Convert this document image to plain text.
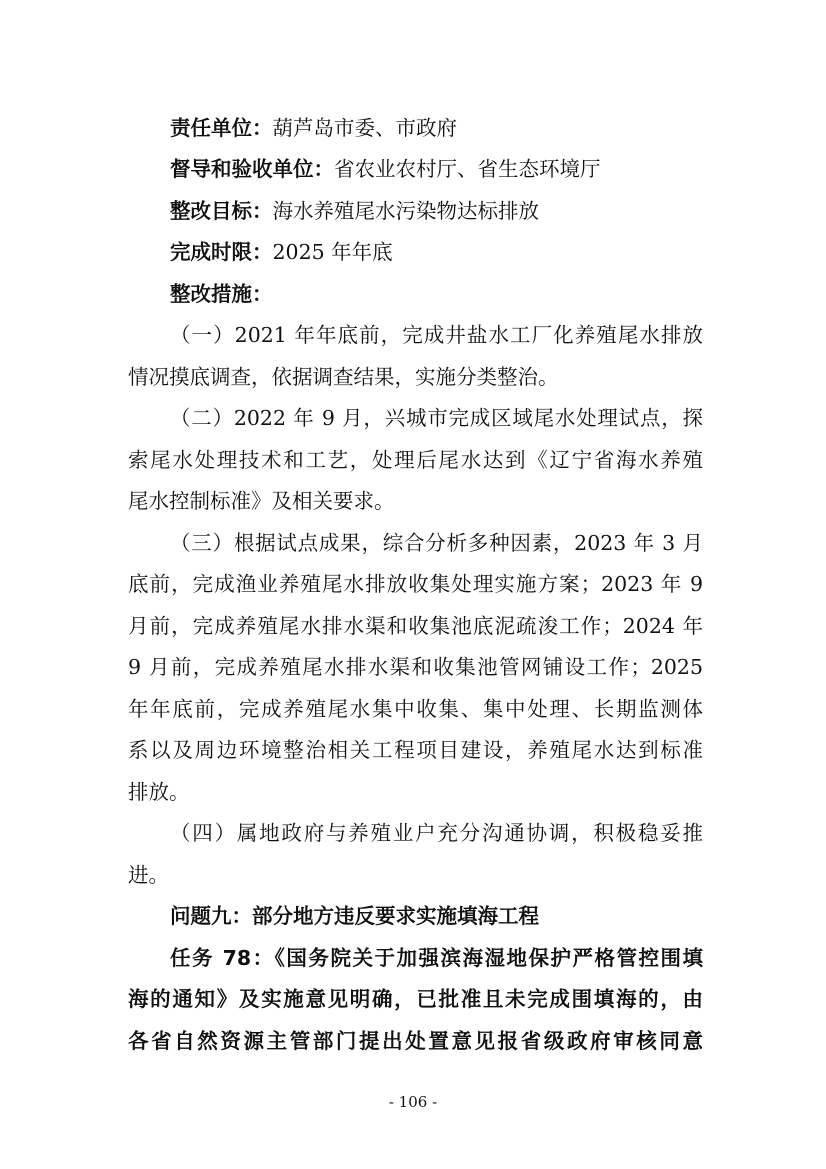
责任单位：葫芦岛市委、市政府
督导和验收单位：省农业农村厅、省生态环境厅
整改目标：海水养殖尾水污染物达标排放
完成时限：2025 年年底
整改措施：
（一）2021 年年底前，完成井盐水工厂化养殖尾水排放
情况摸底调查，依据调查结果，实施分类整治。
（二）2022 年 9 月，兴城市完成区域尾水处理试点，探
索尾水处理技术和工艺，处理后尾水达到《辽宁省海水养殖
尾水控制标准》及相关要求。
（三）根据试点成果，综合分析多种因素，2023 年 3 月
底前，完成渔业养殖尾水排放收集处理实施方案；2023 年 9
月前，完成养殖尾水排水渠和收集池底泥疏浚工作；2024 年
9 月前，完成养殖尾水排水渠和收集池管网铺设工作；2025
年年底前，完成养殖尾水集中收集、集中处理、长期监测体
系以及周边环境整治相关工程项目建设，养殖尾水达到标准
排放。
（四）属地政府与养殖业户充分沟通协调，积极稳妥推
进。
问题九：部分地方违反要求实施填海工程
任务 78：《国务院关于加强滨海湿地保护严格管控围填
海的通知》及实施意见明确，已批准且未完成围填海的，由
各省自然资源主管部门提出处置意见报省级政府审核同意
- 106 -
